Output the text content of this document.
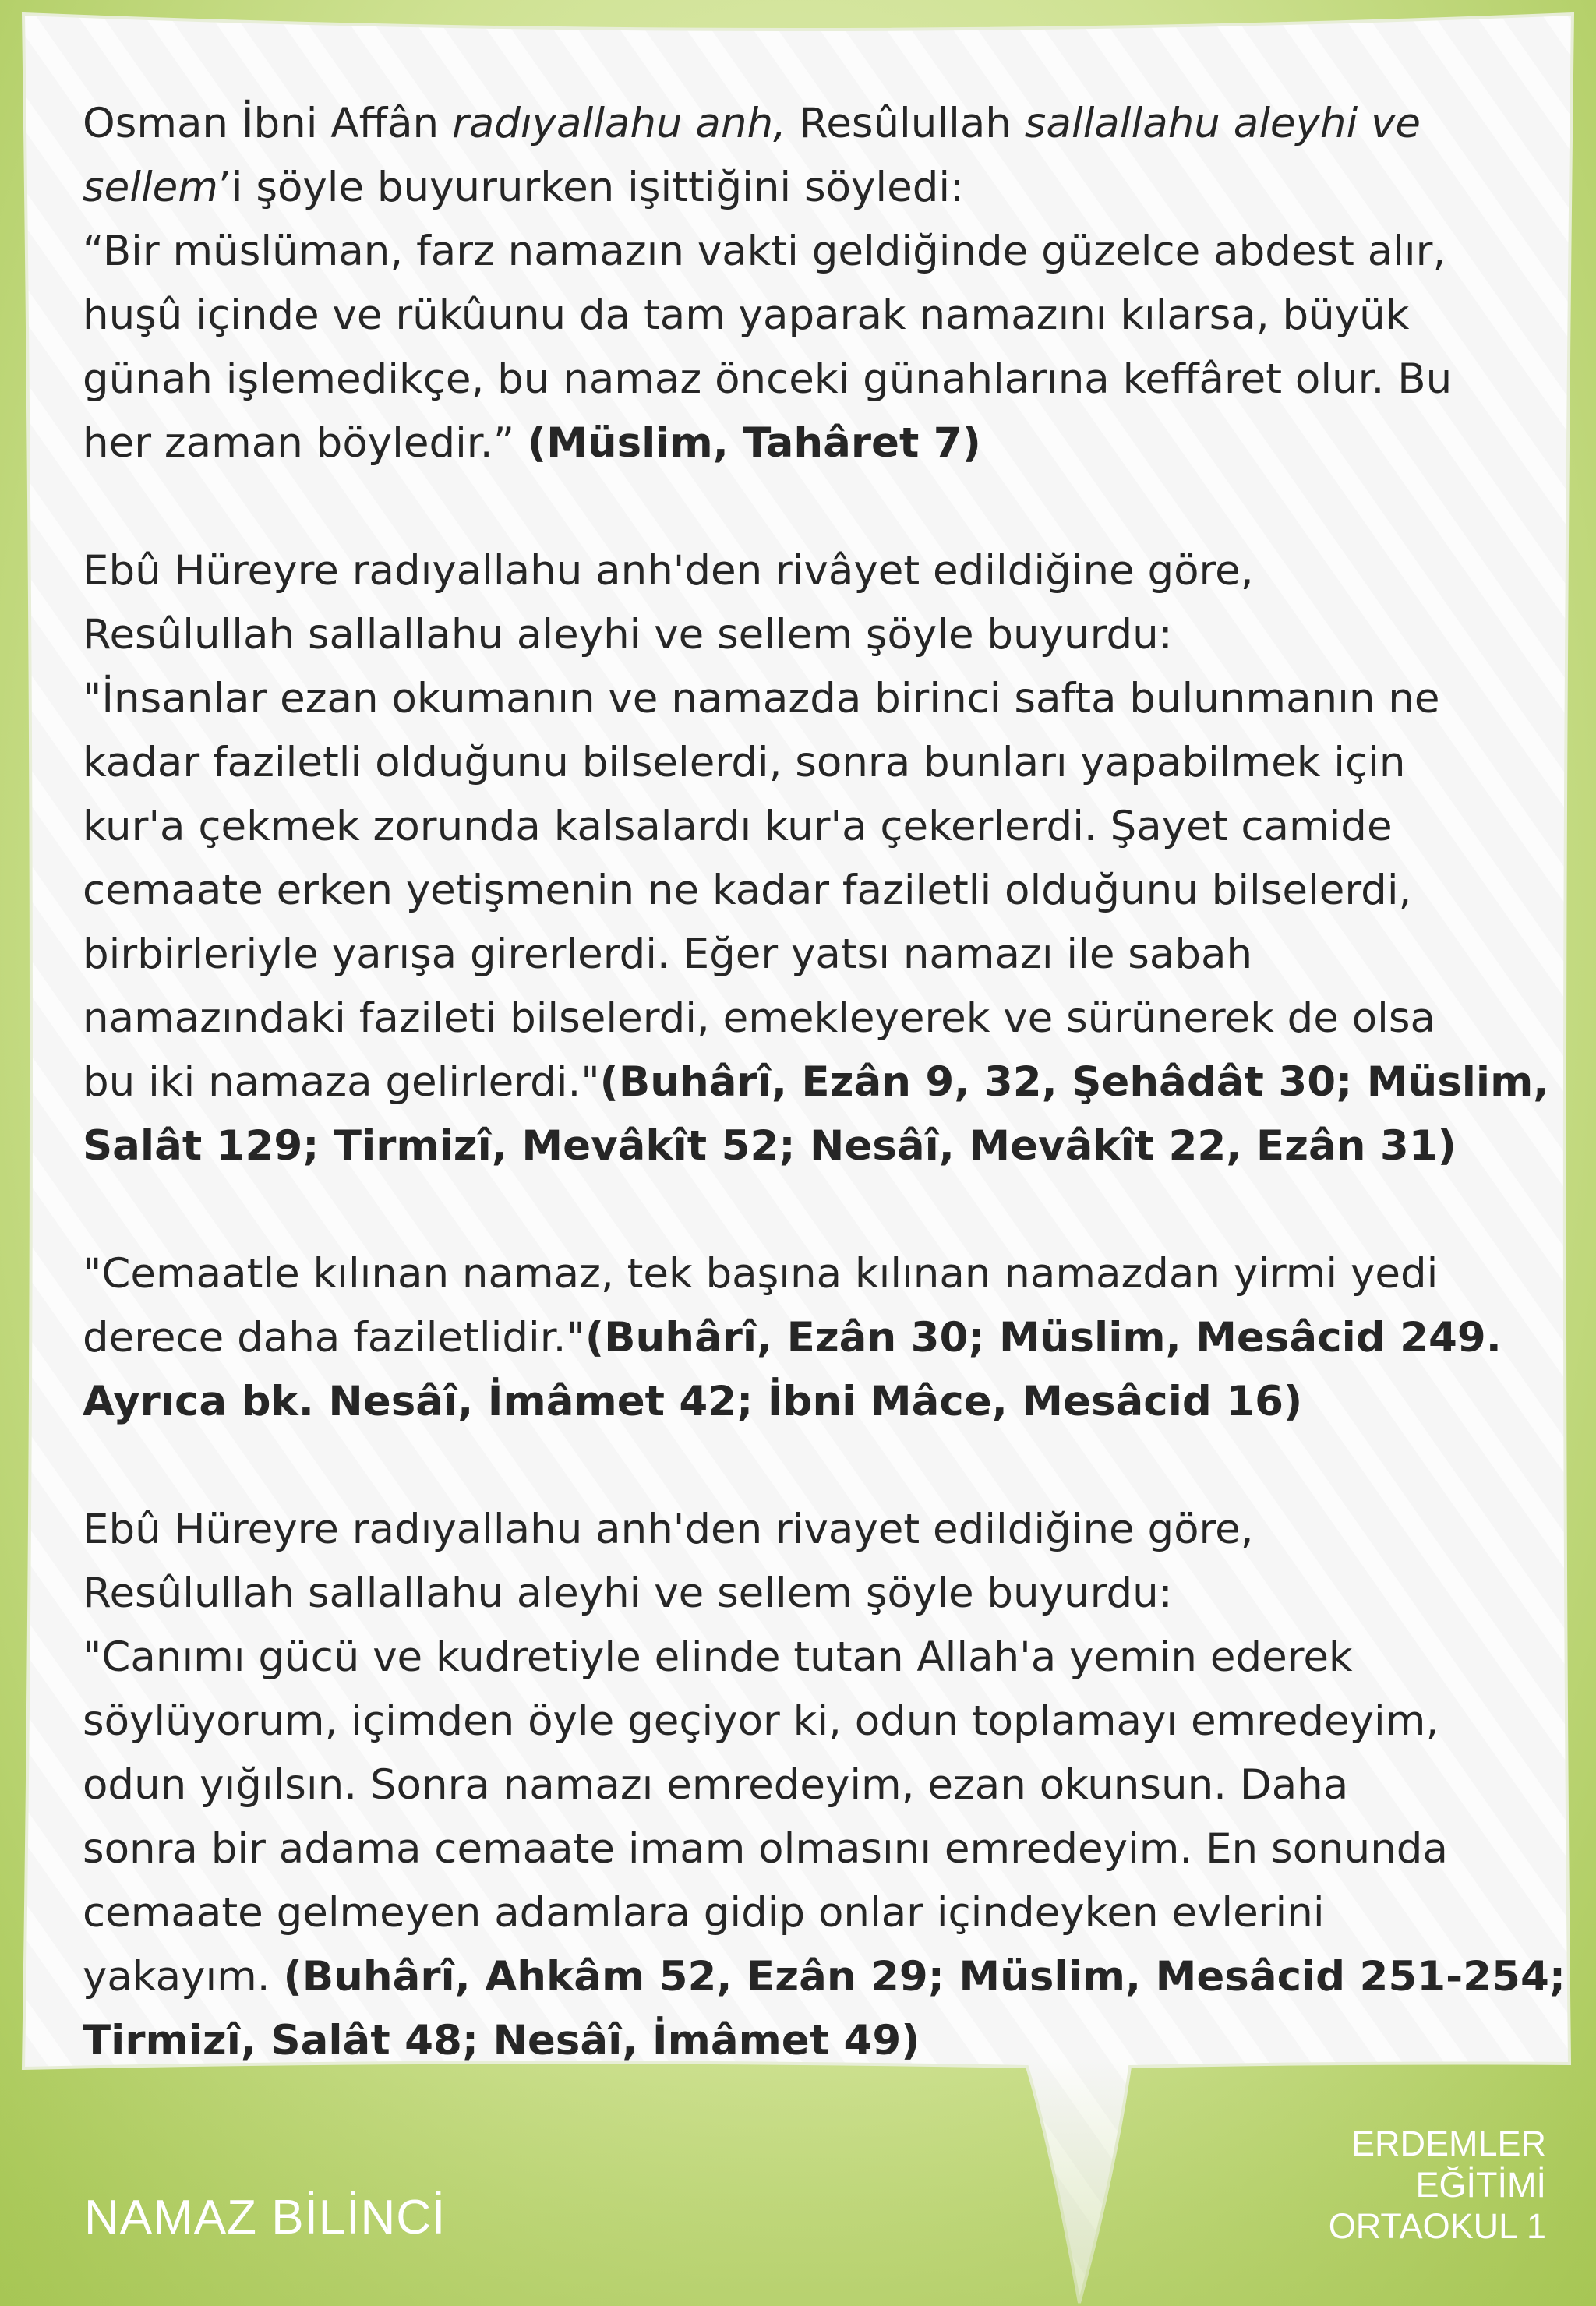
Osman İbni Affân radıyallahu anh, Resûlullah sallallahu aleyhi ve
sellem’i şöyle buyururken işittiğini söyledi:
“Bir müslüman, farz namazın vakti geldiğinde güzelce abdest alır,
huşû içinde ve rükûunu da tam yaparak namazını kılarsa, büyük
günah işlemedikçe, bu namaz önceki günahlarına keffâret olur. Bu
her zaman böyledir.” (Müslim, Tahâret 7)
Ebû Hüreyre radıyallahu anh'den rivâyet edildiğine göre,
Resûlullah sallallahu aleyhi ve sellem şöyle buyurdu:
"İnsanlar ezan okumanın ve namazda birinci safta bulunmanın ne
kadar faziletli olduğunu bilselerdi, sonra bunları yapabilmek için
kur'a çekmek zorunda kalsalardı kur'a çekerlerdi. Şayet camide
cemaate erken yetişmenin ne kadar faziletli olduğunu bilselerdi,
birbirleriyle yarışa girerlerdi. Eğer yatsı namazı ile sabah
namazındaki fazileti bilselerdi, emekleyerek ve sürünerek de olsa
bu iki namaza gelirlerdi."(Buhârî, Ezân 9, 32, Şehâdât 30; Müslim,
Salât 129; Tirmizî, Mevâkît 52; Nesâî, Mevâkît 22, Ezân 31)
"Cemaatle kılınan namaz, tek başına kılınan namazdan yirmi yedi
derece daha faziletlidir."(Buhârî, Ezân 30; Müslim, Mesâcid 249.
Ayrıca bk. Nesâî, İmâmet 42; İbni Mâce, Mesâcid 16)
Ebû Hüreyre radıyallahu anh'den rivayet edildiğine göre,
Resûlullah sallallahu aleyhi ve sellem şöyle buyurdu:
"Canımı gücü ve kudretiyle elinde tutan Allah'a yemin ederek
söylüyorum, içimden öyle geçiyor ki, odun toplamayı emredeyim,
odun yığılsın. Sonra namazı emredeyim, ezan okunsun. Daha
sonra bir adama cemaate imam olmasını emredeyim. En sonunda
cemaate gelmeyen adamlara gidip onlar içindeyken evlerini
yakayım. (Buhârî, Ahkâm 52, Ezân 29; Müslim, Mesâcid 251-254;
Tirmizî, Salât 48; Nesâî, İmâmet 49)
NAMAZ BİLİNCİ
ERDEMLER
EĞİTİMİ
ORTAOKUL 1
